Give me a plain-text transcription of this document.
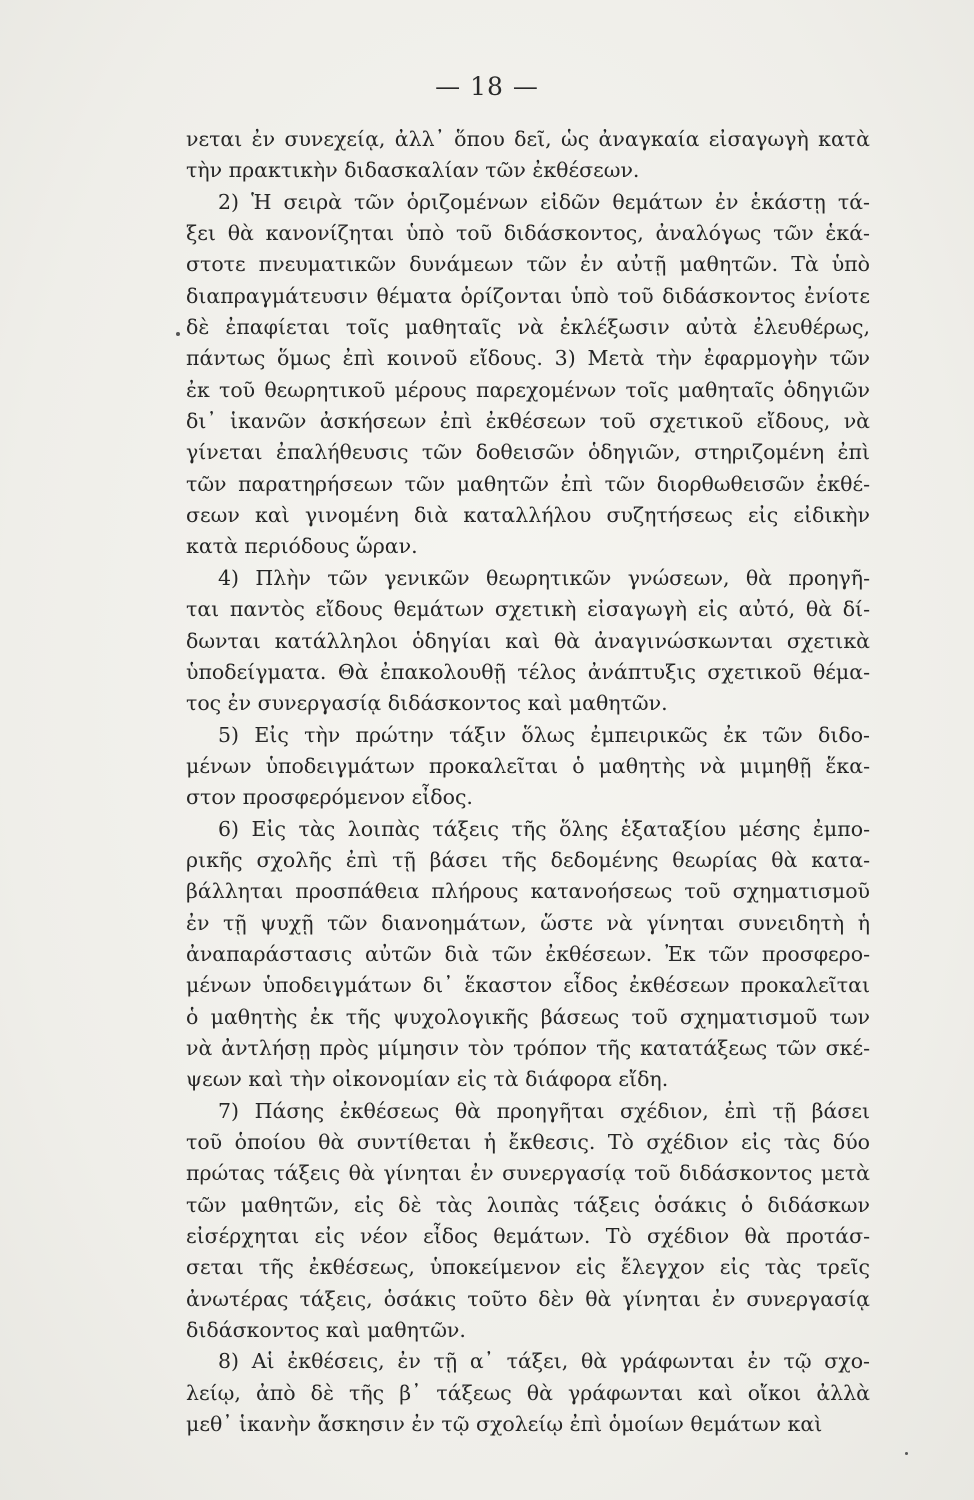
— 18 —
νεται ἐν συνεχείᾳ, ἀλλ᾽ ὅπου δεῖ, ὡς ἀναγκαία εἰσαγωγὴ κατὰ
τὴν πρακτικὴν διδασκαλίαν τῶν ἐκθέσεων.
2) Ἡ σειρὰ τῶν ὁριζομένων εἰδῶν θεμάτων ἐν ἑκάστῃ τά-
ξει θὰ κανονίζηται ὑπὸ τοῦ διδάσκοντος, ἀναλόγως τῶν ἑκά-
στοτε πνευματικῶν δυνάμεων τῶν ἐν αὐτῇ μαθητῶν. Τὰ ὑπὸ
διαπραγμάτευσιν θέματα ὁρίζονται ὑπὸ τοῦ διδάσκοντος ἐνίοτε
δὲ ἐπαφίεται τοῖς μαθηταῖς νὰ ἐκλέξωσιν αὐτὰ ἐλευθέρως,
πάντως ὅμως ἐπὶ κοινοῦ εἴδους. 3) Μετὰ τὴν ἐφαρμογὴν τῶν
ἐκ τοῦ θεωρητικοῦ μέρους παρεχομένων τοῖς μαθηταῖς ὁδηγιῶν
δι᾽ ἱκανῶν ἀσκήσεων ἐπὶ ἐκθέσεων τοῦ σχετικοῦ εἴδους, νὰ
γίνεται ἐπαλήθευσις τῶν δοθεισῶν ὁδηγιῶν, στηριζομένη ἐπὶ
τῶν παρατηρήσεων τῶν μαθητῶν ἐπὶ τῶν διορθωθεισῶν ἐκθέ-
σεων καὶ γινομένη διὰ καταλλήλου συζητήσεως εἰς εἰδικὴν
κατὰ περιόδους ὥραν.
4) Πλὴν τῶν γενικῶν θεωρητικῶν γνώσεων, θὰ προηγῆ-
ται παντὸς εἴδους θεμάτων σχετικὴ εἰσαγωγὴ εἰς αὐτό, θὰ δί-
δωνται κατάλληλοι ὁδηγίαι καὶ θὰ ἀναγινώσκωνται σχετικὰ
ὑποδείγματα. Θὰ ἐπακολουθῇ τέλος ἀνάπτυξις σχετικοῦ θέμα-
τος ἐν συνεργασίᾳ διδάσκοντος καὶ μαθητῶν.
5) Εἰς τὴν πρώτην τάξιν ὅλως ἐμπειρικῶς ἐκ τῶν διδο-
μένων ὑποδειγμάτων προκαλεῖται ὁ μαθητὴς νὰ μιμηθῇ ἕκα-
στον προσφερόμενον εἶδος.
6) Εἰς τὰς λοιπὰς τάξεις τῆς ὅλης ἑξαταξίου μέσης ἐμπο-
ρικῆς σχολῆς ἐπὶ τῇ βάσει τῆς δεδομένης θεωρίας θὰ κατα-
βάλληται προσπάθεια πλήρους κατανοήσεως τοῦ σχηματισμοῦ
ἐν τῇ ψυχῇ τῶν διανοημάτων, ὥστε νὰ γίνηται συνειδητὴ ἡ
ἀναπαράστασις αὐτῶν διὰ τῶν ἐκθέσεων. Ἐκ τῶν προσφερο-
μένων ὑποδειγμάτων δι᾽ ἕκαστον εἶδος ἐκθέσεων προκαλεῖται
ὁ μαθητὴς ἐκ τῆς ψυχολογικῆς βάσεως τοῦ σχηματισμοῦ των
νὰ ἀντλήσῃ πρὸς μίμησιν τὸν τρόπον τῆς κατατάξεως τῶν σκέ-
ψεων καὶ τὴν οἰκονομίαν εἰς τὰ διάφορα εἴδη.
7) Πάσης ἐκθέσεως θὰ προηγῆται σχέδιον, ἐπὶ τῇ βάσει
τοῦ ὁποίου θὰ συντίθεται ἡ ἔκθεσις. Τὸ σχέδιον εἰς τὰς δύο
πρώτας τάξεις θὰ γίνηται ἐν συνεργασίᾳ τοῦ διδάσκοντος μετὰ
τῶν μαθητῶν, εἰς δὲ τὰς λοιπὰς τάξεις ὁσάκις ὁ διδάσκων
εἰσέρχηται εἰς νέον εἶδος θεμάτων. Τὸ σχέδιον θὰ προτάσ-
σεται τῆς ἐκθέσεως, ὑποκείμενον εἰς ἔλεγχον εἰς τὰς τρεῖς
ἀνωτέρας τάξεις, ὁσάκις τοῦτο δὲν θὰ γίνηται ἐν συνεργασίᾳ
διδάσκοντος καὶ μαθητῶν.
8) Αἱ ἐκθέσεις, ἐν τῇ α᾽ τάξει, θὰ γράφωνται ἐν τῷ σχο-
λείῳ, ἀπὸ δὲ τῆς β᾽ τάξεως θὰ γράφωνται καὶ οἴκοι ἀλλὰ
μεθ᾽ ἱκανὴν ἄσκησιν ἐν τῷ σχολείῳ ἐπὶ ὁμοίων θεμάτων καὶ
